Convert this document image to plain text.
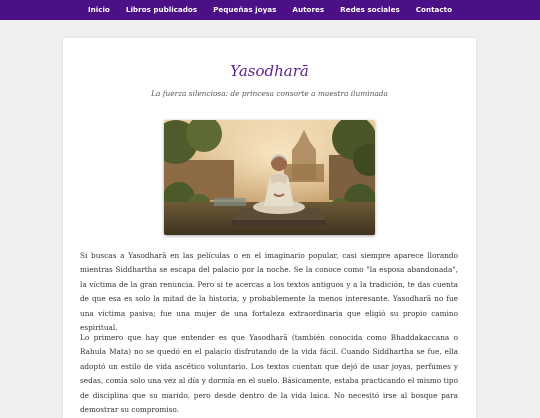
Inicio	Libros publicados	Pequeñas joyas	Autores	Redes sociales	Contacto
Yasodharā
La fuerza silenciosa: de princesa consorte a maestra iluminada

Si buscas a Yasodharā en las películas o en el imaginario popular, casi siempre aparece llorando mientras Siddhartha se escapa del palacio por la noche. Se la conoce como "la esposa abandonada", la víctima de la gran renuncia. Pero si te acercas a los textos antiguos y a la tradición, te das cuenta de que esa es solo la mitad de la historia, y probablemente la menos interesante. Yasodharā no fue una víctima pasiva; fue una mujer de una fortaleza extraordinaria que eligió su propio camino espiritual.

Lo primero que hay que entender es que Yasodharā (también conocida como Bhaddakaccana o Rahula Mata) no se quedó en el palacio disfrutando de la vida fácil. Cuando Siddhartha se fue, ella adoptó un estilo de vida ascético voluntario. Los textos cuentan que dejó de usar joyas, perfumes y sedas, comía solo una vez al día y dormía en el suelo. Básicamente, estaba practicando el mismo tipo de disciplina que su marido, pero desde dentro de la vida laica. No necesitó irse al bosque para demostrar su compromiso.
